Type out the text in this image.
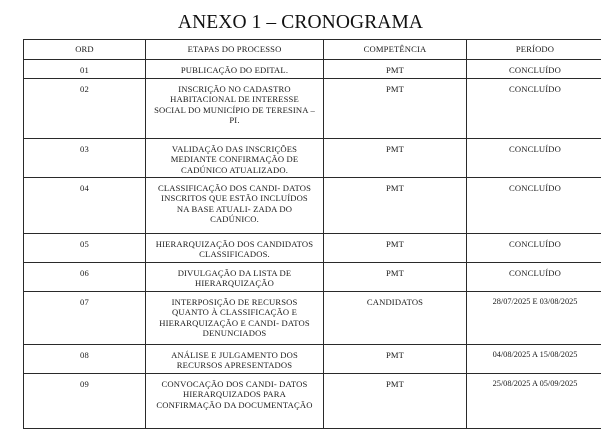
ANEXO 1 – CRONOGRAMA
ORD	ETAPAS DO PROCESSO	COMPETÊNCIA	PERÍODO
01	PUBLICAÇÃO DO EDITAL.	PMT	CONCLUÍDO
02	INSCRIÇÃO NO CADASTRO HABITACIONAL DE INTERESSE SOCIAL DO MUNICÍPIO DE TERESINA – PI.	PMT	CONCLUÍDO
03	VALIDAÇÃO DAS INSCRIÇÕES MEDIANTE CONFIRMAÇÃO DE CADÚNICO ATUALIZADO.	PMT	CONCLUÍDO
04	CLASSIFICAÇÃO DOS CANDI- DATOS INSCRITOS QUE ESTÃO INCLUÍDOS NA BASE ATUALI- ZADA DO CADÚNICO.	PMT	CONCLUÍDO
05	HIERARQUIZAÇÃO DOS CANDIDATOS CLASSIFICADOS.	PMT	CONCLUÍDO
06	DIVULGAÇÃO DA LISTA DE HIERARQUIZAÇÃO	PMT	CONCLUÍDO
07	INTERPOSIÇÃO DE RECURSOS QUANTO À CLASSIFICAÇÃO E HIERARQUIZAÇÃO E CANDI- DATOS DENUNCIADOS	CANDIDATOS	28/07/2025 E 03/08/2025
08	ANÁLISE E JULGAMENTO DOS RECURSOS APRESENTADOS	PMT	04/08/2025 A 15/08/2025
09	CONVOCAÇÃO DOS CANDI- DATOS HIERARQUIZADOS PARA CONFIRMAÇÃO DA DOCUMENTAÇÃO	PMT	25/08/2025 A 05/09/2025
